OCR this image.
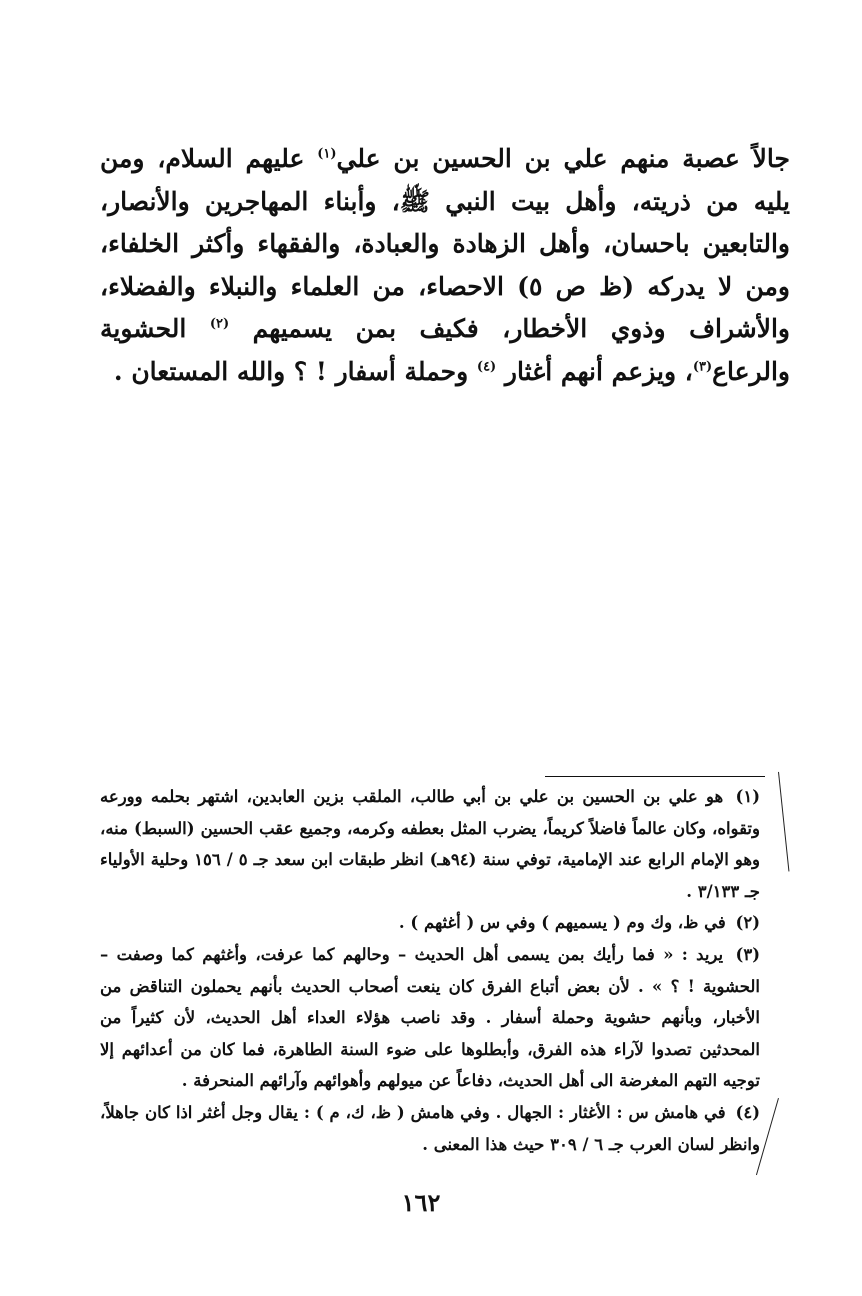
جالاً عصبة منهم علي بن الحسين بن علي$^{(١)}$ عليهم السلام، ومن يليه من ذريته، وأهل بيت النبي ﷺ، وأبناء المهاجرين والأنصار، والتابعين باحسان، وأهل الزهادة والعبادة، والفقهاء وأكثر الخلفاء، ومن لا يدركه (ظ ص ٥) الاحصاء، من العلماء والنبلاء والفضلاء، والأشراف وذوي الأخطار، فكيف بمن يسميهم $^{(٢)}$ الحشوية والرعاع$^{(٣)}$، ويزعم أنهم أغثار $^{(٤)}$ وحملة أسفار ! ؟ والله المستعان .

(١) هو علي بن الحسين بن علي بن أبي طالب، الملقب بزين العابدين، اشتهر بحلمه وورعه وتقواه، وكان عالماً فاضلاً كريماً، يضرب المثل بعطفه وكرمه، وجميع عقب الحسين (السبط) منه، وهو الإمام الرابع عند الإمامية، توفي سنة (٩٤هـ) انظر طبقات ابن سعد جـ ٥ / ١٥٦ وحلية الأولياء جـ ٣/١٣٣ .

(٢) في ظ، وك وم ( يسميهم ) وفي س ( أغثهم ) .

(٣) يريد : « فما رأيك بمن يسمى أهل الحديث – وحالهم كما عرفت، وأغثهم كما وصفت – الحشوية ! ؟ » . لأن بعض أتباع الفرق كان ينعت أصحاب الحديث بأنهم يحملون التناقض من الأخبار، وبأنهم حشوية وحملة أسفار . وقد ناصب هؤلاء العداء أهل الحديث، لأن كثيراً من المحدثين تصدوا لآراء هذه الفرق، وأبطلوها على ضوء السنة الطاهرة، فما كان من أعدائهم إلا توجيه التهم المغرضة الى أهل الحديث، دفاعاً عن ميولهم وأهوائهم وآرائهم المنحرفة .

(٤) في هامش س : الأغثار : الجهال . وفي هامش ( ظ، ك، م ) : يقال وجل أغثر اذا كان جاهلاً، وانظر لسان العرب جـ ٦ / ٣٠٩ حيث هذا المعنى .

١٦٢
